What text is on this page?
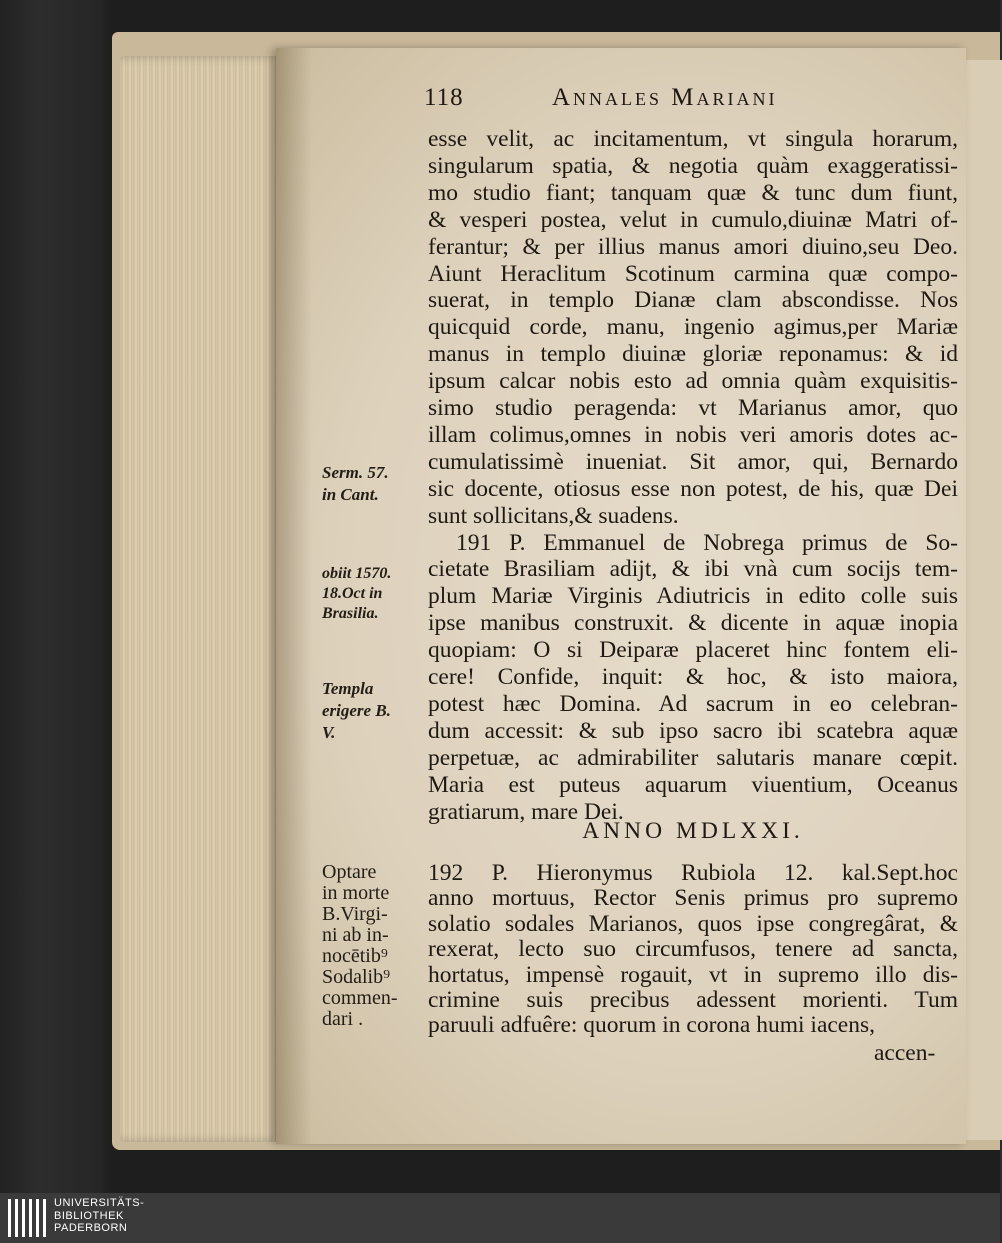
118	Annales Mariani
esse velit, ac incitamentum, vt singula horarum,
singularum spatia, & negotia quàm exaggeratissi-
mo studio fiant; tanquam quæ & tunc dum fiunt,
& vesperi postea, velut in cumulo,diuinæ Matri of-
ferantur; & per illius manus amori diuino,seu Deo.
Aiunt Heraclitum Scotinum carmina quæ compo-
suerat, in templo Dianæ clam abscondisse. Nos
quicquid corde, manu, ingenio agimus,per Mariæ
manus in templo diuinæ gloriæ reponamus: & id
ipsum calcar nobis esto ad omnia quàm exquisitis-
simo studio peragenda: vt Marianus amor, quo
illam colimus,omnes in nobis veri amoris dotes ac-
cumulatissimè inueniat. Sit amor, qui, Bernardo
sic docente, otiosus esse non potest, de his, quæ Dei
sunt sollicitans,& suadens.
191 P. Emmanuel de Nobrega primus de So-
cietate Brasiliam adijt, & ibi vnà cum socijs tem-
plum Mariæ Virginis Adiutricis in edito colle suis
ipse manibus construxit. & dicente in aquæ inopia
quopiam: O si Deiparæ placeret hinc fontem eli-
cere! Confide, inquit: & hoc, & isto maiora,
potest hæc Domina. Ad sacrum in eo celebran-
dum accessit: & sub ipso sacro ibi scatebra aquæ
perpetuæ, ac admirabiliter salutaris manare cœpit.
Maria est puteus aquarum viuentium, Oceanus
gratiarum, mare Dei.
ANNO MDLXXI.
192 P. Hieronymus Rubiola 12. kal.Sept.hoc
anno mortuus, Rector Senis primus pro supremo
solatio sodales Marianos, quos ipse congregârat, &
rexerat, lecto suo circumfusos, tenere ad sancta,
hortatus, impensè rogauit, vt in supremo illo dis-
crimine suis precibus adessent morienti. Tum
paruuli adfuêre: quorum in corona humi iacens,
accen-
Serm. 57.
in Cant.
obiit 1570.
18.Oct in
Brasilia.
Templa
erigere B.
V.
Optare
in morte
B.Virgi-
ni ab in-
nocētib⁹
Sodalib⁹
commen-
dari .
UNIVERSITÄTS-
BIBLIOTHEK
PADERBORN
